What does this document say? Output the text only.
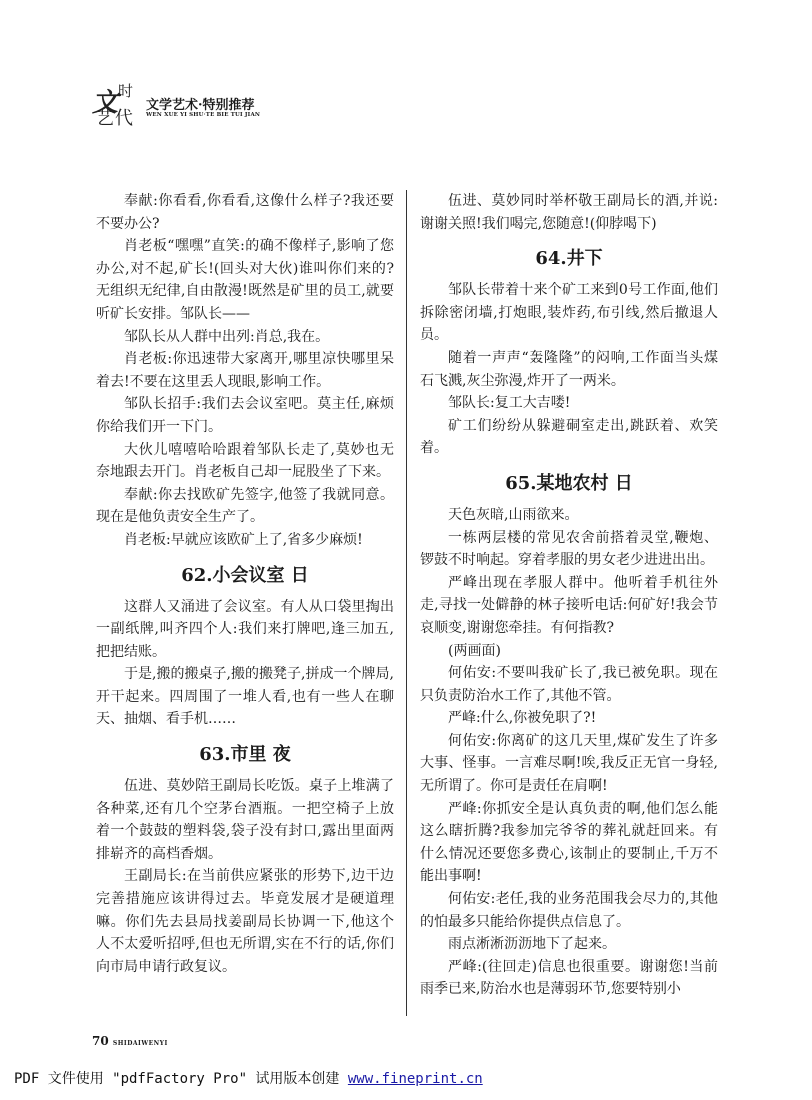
文 时
艺代
文学艺术·特别推荐
WEN XUE YI SHU·TE BIE TUI JIAN

奉献:你看看,你看看,这像什么样子?我还要不要办公?

肖老板“嘿嘿”直笑:的确不像样子,影响了您办公,对不起,矿长!(回头对大伙)谁叫你们来的?无组织无纪律,自由散漫!既然是矿里的员工,就要听矿长安排。邹队长——

邹队长从人群中出列:肖总,我在。

肖老板:你迅速带大家离开,哪里凉快哪里呆着去!不要在这里丢人现眼,影响工作。

邹队长招手:我们去会议室吧。莫主任,麻烦你给我们开一下门。

大伙儿嘻嘻哈哈跟着邹队长走了,莫妙也无奈地跟去开门。肖老板自己却一屁股坐了下来。

奉献:你去找欧矿先签字,他签了我就同意。现在是他负责安全生产了。

肖老板:早就应该欧矿上了,省多少麻烦!

62.小会议室 日

这群人又涌进了会议室。有人从口袋里掏出一副纸牌,叫齐四个人:我们来打牌吧,逢三加五,把把结账。

于是,搬的搬桌子,搬的搬凳子,拼成一个牌局,开干起来。四周围了一堆人看,也有一些人在聊天、抽烟、看手机……

63.市里 夜

伍进、莫妙陪王副局长吃饭。桌子上堆满了各种菜,还有几个空茅台酒瓶。一把空椅子上放着一个鼓鼓的塑料袋,袋子没有封口,露出里面两排崭齐的高档香烟。

王副局长:在当前供应紧张的形势下,边干边完善措施应该讲得过去。毕竟发展才是硬道理嘛。你们先去县局找姜副局长协调一下,他这个人不太爱听招呼,但也无所谓,实在不行的话,你们向市局申请行政复议。

伍进、莫妙同时举杯敬王副局长的酒,并说:谢谢关照!我们喝完,您随意!(仰脖喝下)

64.井下

邹队长带着十来个矿工来到0号工作面,他们拆除密闭墙,打炮眼,装炸药,布引线,然后撤退人员。

随着一声声“轰隆隆”的闷响,工作面当头煤石飞溅,灰尘弥漫,炸开了一两米。

邹队长:复工大吉喽!

矿工们纷纷从躲避硐室走出,跳跃着、欢笑着。

65.某地农村 日

天色灰暗,山雨欲来。

一栋两层楼的常见农舍前搭着灵堂,鞭炮、锣鼓不时响起。穿着孝服的男女老少进进出出。

严峰出现在孝服人群中。他听着手机往外走,寻找一处僻静的林子接听电话:何矿好!我会节哀顺变,谢谢您牵挂。有何指教?

(两画面)

何佑安:不要叫我矿长了,我已被免职。现在只负责防治水工作了,其他不管。

严峰:什么,你被免职了?!

何佑安:你离矿的这几天里,煤矿发生了许多大事、怪事。一言难尽啊!唉,我反正无官一身轻,无所谓了。你可是责任在肩啊!

严峰:你抓安全是认真负责的啊,他们怎么能这么瞎折腾?我参加完爷爷的葬礼就赶回来。有什么情况还要您多费心,该制止的要制止,千万不能出事啊!

何佑安:老任,我的业务范围我会尽力的,其他的怕最多只能给你提供点信息了。

雨点淅淅沥沥地下了起来。

严峰:(往回走)信息也很重要。谢谢您!当前雨季已来,防治水也是薄弱环节,您要特别小

70 SHIDAIWENYI
PDF 文件使用 "pdfFactory Pro" 试用版本创建 www.fineprint.cn
